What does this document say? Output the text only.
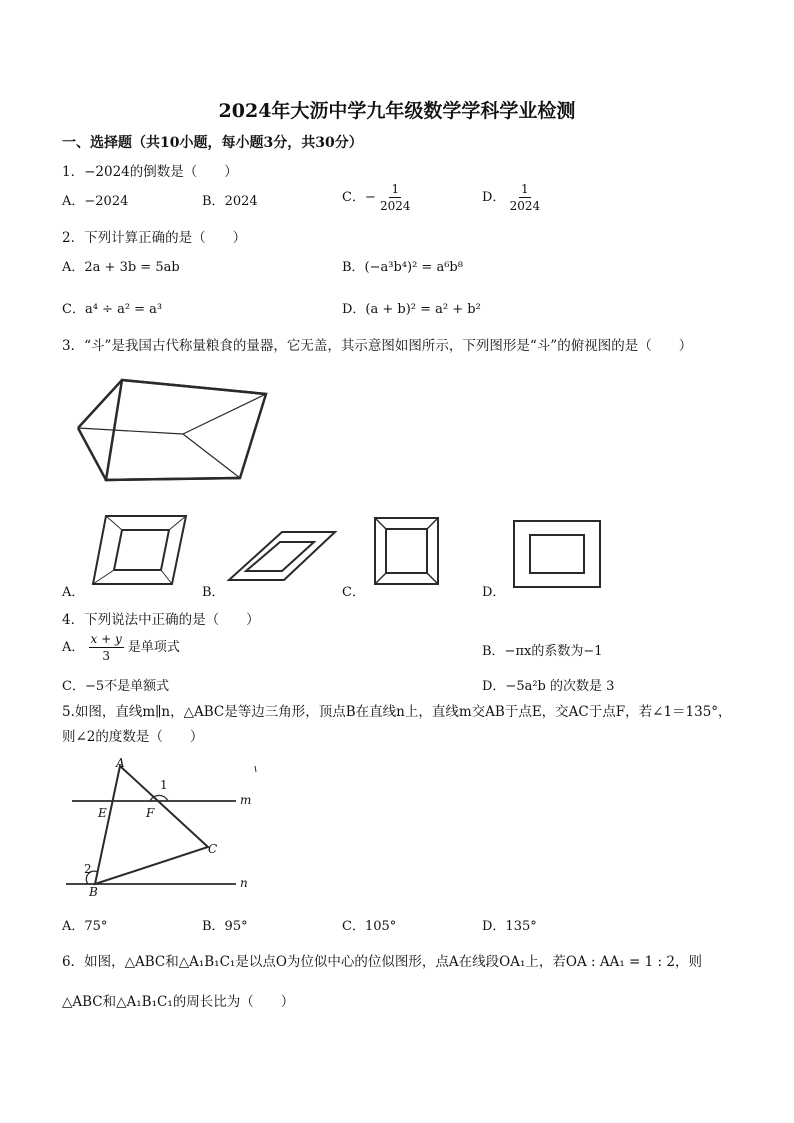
2024年大沥中学九年级数学学科学业检测
一、选择题（共10小题，每小题3分，共30分）
1．−2024的倒数是（　　）
A．−2024	B．2024	C．− $\frac{1}{2024}$	D． $\frac{1}{2024}$
2．下列计算正确的是（　　）
A．2a + 3b = 5ab	B．(−a³b⁴)² = a⁶b⁸
C．a⁴ ÷ a² = a³	D．(a + b)² = a² + b²
3．“斗”是我国古代称量粮食的量器，它无盖，其示意图如图所示，下列图形是“斗”的俯视图的是（　　）
A．	B．	C．	D．
4．下列说法中正确的是（　　）
A． $\frac{x + y}{3}$ 是单项式	B．−πx的系数为−1
C．−5不是单额式	D．−5a²b 的次数是 3
5.如图，直线m∥n，△ABC是等边三角形，顶点B在直线n上，直线m交AB于点E，交AC于点F，若∠1＝135°，
则∠2的度数是（　　）
A
B
C
E	F
m
n
1
2
A．75°	B．95°	C．105°	D．135°
6．如图，△ABC和△A₁B₁C₁是以点O为位似中心的位似图形，点A在线段OA₁上，若OA : AA₁ = 1 : 2，则
△ABC和△A₁B₁C₁的周长比为（　　）
